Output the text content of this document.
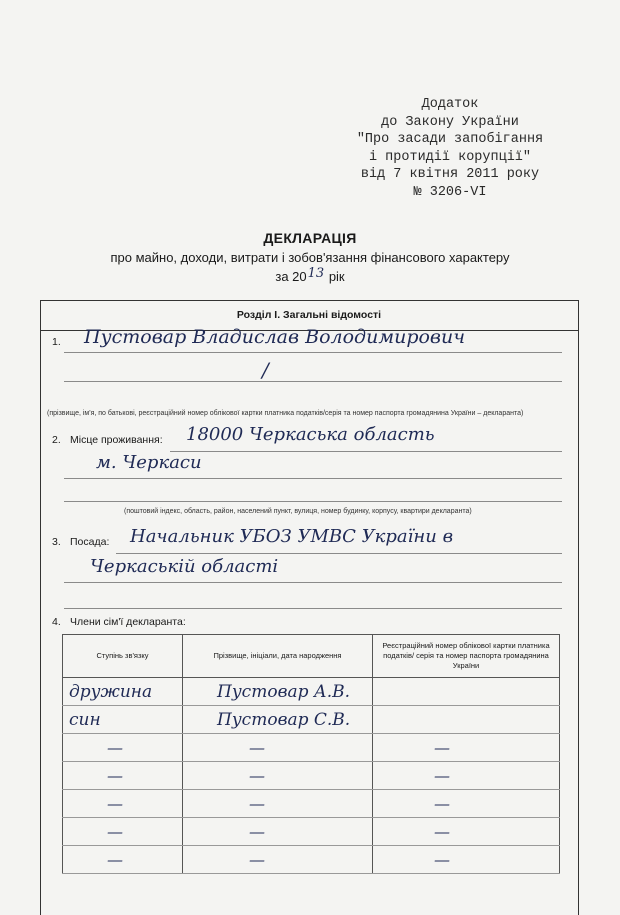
Додаток
до Закону України
"Про засади запобігання
і протидії корупції"
від 7 квітня 2011 року
№ 3206-VI
ДЕКЛАРАЦІЯ
про майно, доходи, витрати і зобов'язання фінансового характеру
за 2013 рік
Розділ І. Загальні відомості
1. Пустовар Владислав Володимирович
/
(прізвище, ім'я, по батькові, реєстраційний номер облікової картки платника податків/серія та номер паспорта громадянина України – декларанта)
2. Місце проживання: 18000 Черкаська область
м. Черкаси
(поштовий індекс, область, район, населений пункт, вулиця, номер будинку, корпусу, квартири декларанта)
3. Посада: Начальник УБОЗ УМВС України в
Черкаській області
4. Члени сім'ї декларанта:
Ступінь зв'язку	Прізвище, ініціали, дата народження	Реєстраційний номер облікової картки платника податків/ серія та номер паспорта громадянина України
дружина	Пустовар А.В.	
син	Пустовар С.В.	

—	—	—

—	—	—

—	—	—

—	—	—

—	—	—
